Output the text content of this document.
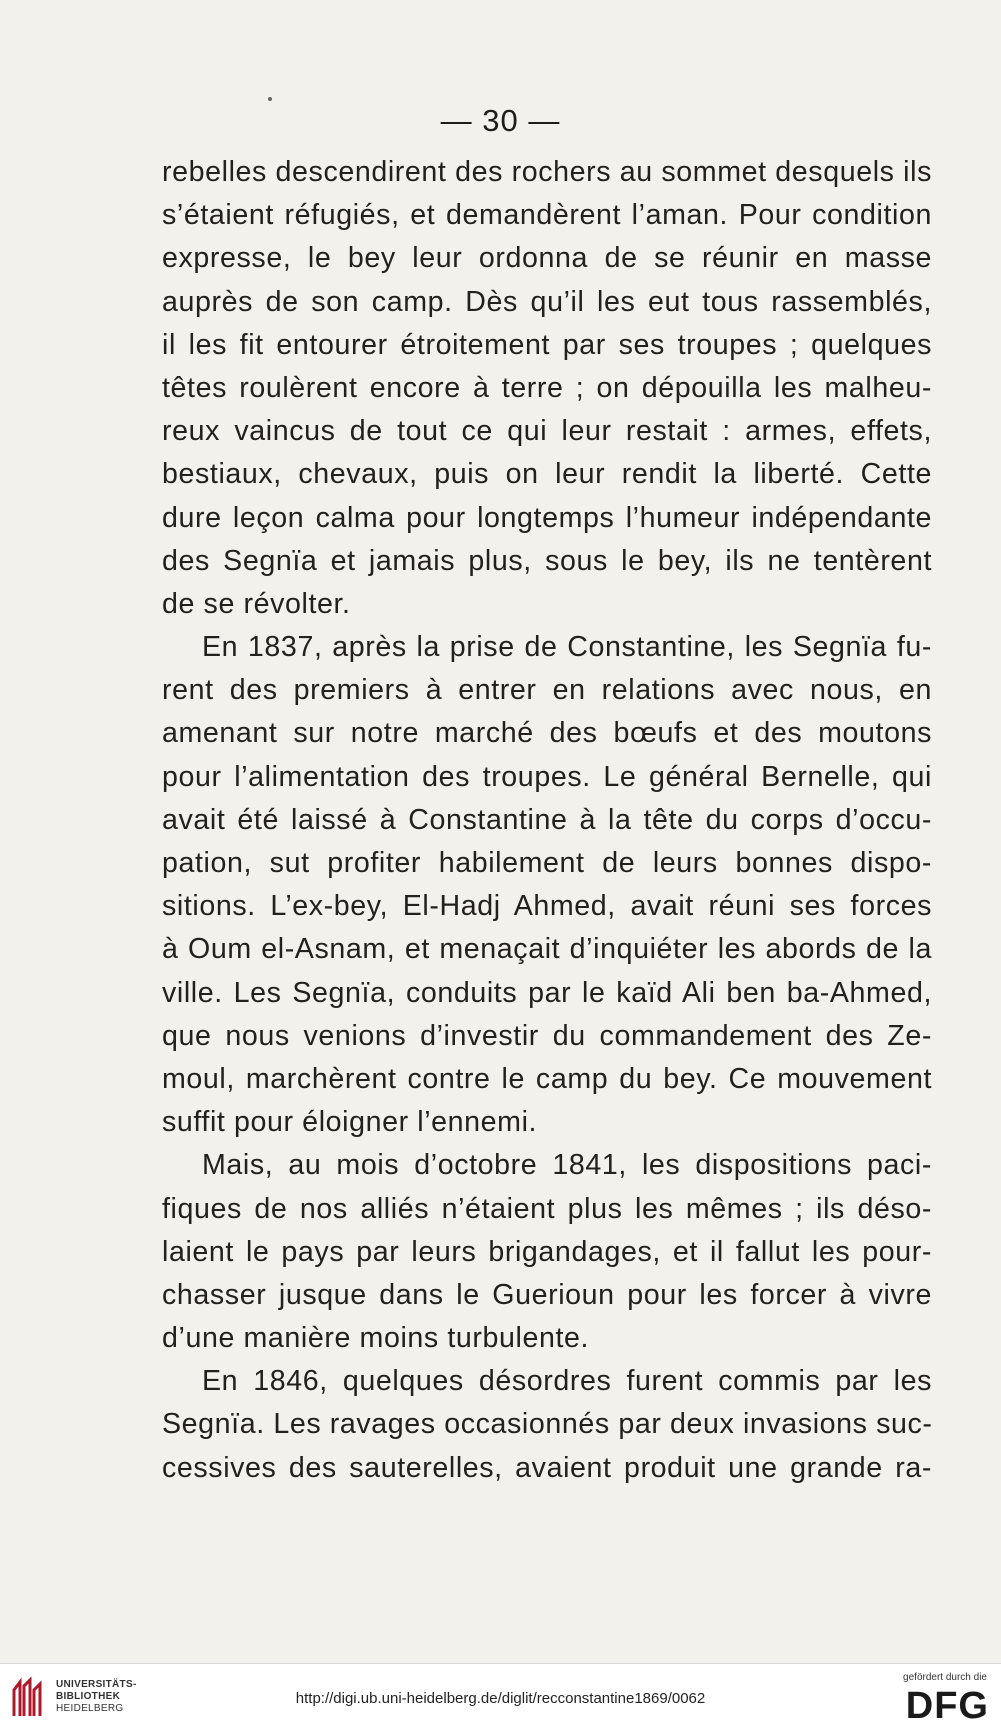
— 30 —
rebelles descendirent des rochers au sommet desquels ils
s’étaient réfugiés, et demandèrent l’aman. Pour condition
expresse, le bey leur ordonna de se réunir en masse
auprès de son camp. Dès qu’il les eut tous rassemblés,
il les fit entourer étroitement par ses troupes ; quelques
têtes roulèrent encore à terre ; on dépouilla les malheu-
reux vaincus de tout ce qui leur restait : armes, effets,
bestiaux, chevaux, puis on leur rendit la liberté. Cette
dure leçon calma pour longtemps l’humeur indépendante
des Segnïa et jamais plus, sous le bey, ils ne tentèrent
de se révolter.
En 1837, après la prise de Constantine, les Segnïa fu-
rent des premiers à entrer en relations avec nous, en
amenant sur notre marché des bœufs et des moutons
pour l’alimentation des troupes. Le général Bernelle, qui
avait été laissé à Constantine à la tête du corps d’occu-
pation, sut profiter habilement de leurs bonnes dispo-
sitions. L’ex-bey, El-Hadj Ahmed, avait réuni ses forces
à Oum el-Asnam, et menaçait d’inquiéter les abords de la
ville. Les Segnïa, conduits par le kaïd Ali ben ba-Ahmed,
que nous venions d’investir du commandement des Ze-
moul, marchèrent contre le camp du bey. Ce mouvement
suffit pour éloigner l’ennemi.
Mais, au mois d’octobre 1841, les dispositions paci-
fiques de nos alliés n’étaient plus les mêmes ; ils déso-
laient le pays par leurs brigandages, et il fallut les pour-
chasser jusque dans le Guerioun pour les forcer à vivre
d’une manière moins turbulente.
En 1846, quelques désordres furent commis par les
Segnïa. Les ravages occasionnés par deux invasions suc-
cessives des sauterelles, avaient produit une grande ra-
UNIVERSITÄTS-
BIBLIOTHEK
HEIDELBERG
http://digi.ub.uni-heidelberg.de/diglit/recconstantine1869/0062
gefördert durch die
DFG
